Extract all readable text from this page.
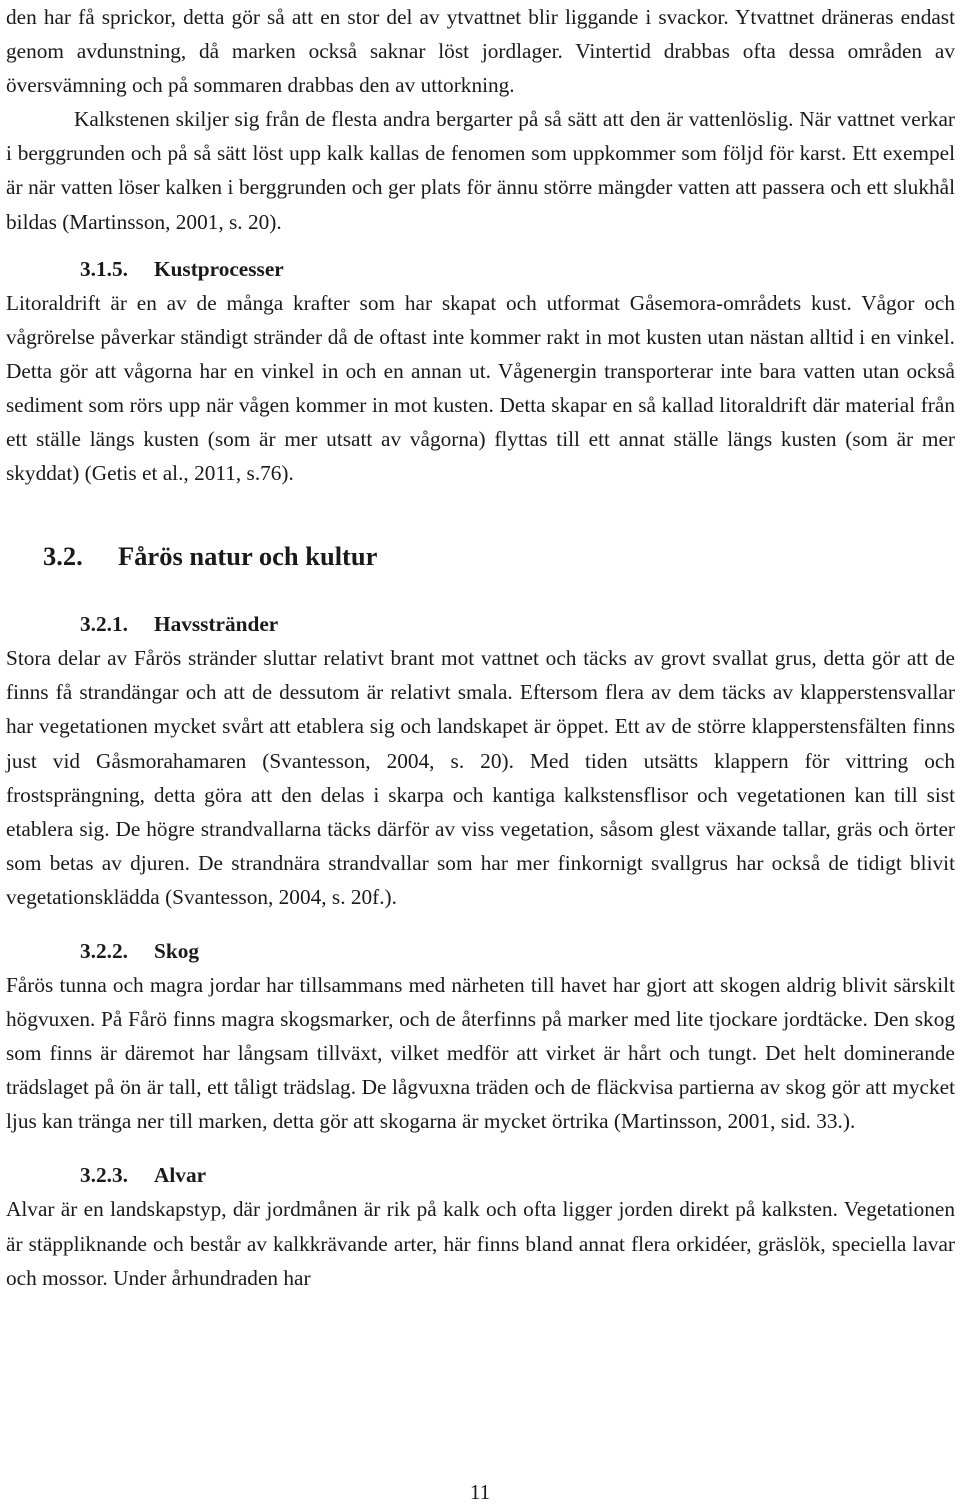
den har få sprickor, detta gör så att en stor del av ytvattnet blir liggande i svackor. Ytvattnet dräneras endast genom avdunstning, då marken också saknar löst jordlager. Vintertid drabbas ofta dessa områden av översvämning och på sommaren drabbas den av uttorkning.

Kalkstenen skiljer sig från de flesta andra bergarter på så sätt att den är vattenlöslig. När vattnet verkar i berggrunden och på så sätt löst upp kalk kallas de fenomen som uppkommer som följd för karst. Ett exempel är när vatten löser kalken i berggrunden och ger plats för ännu större mängder vatten att passera och ett slukhål bildas (Martinsson, 2001, s. 20).

3.1.5. Kustprocesser

Litoraldrift är en av de många krafter som har skapat och utformat Gåsemora-områdets kust. Vågor och vågrörelse påverkar ständigt stränder då de oftast inte kommer rakt in mot kusten utan nästan alltid i en vinkel. Detta gör att vågorna har en vinkel in och en annan ut. Vågenergin transporterar inte bara vatten utan också sediment som rörs upp när vågen kommer in mot kusten. Detta skapar en så kallad litoraldrift där material från ett ställe längs kusten (som är mer utsatt av vågorna) flyttas till ett annat ställe längs kusten (som är mer skyddat) (Getis et al., 2011, s.76).

3.2. Fårös natur och kultur
3.2.1. Havsstränder

Stora delar av Fårös stränder sluttar relativt brant mot vattnet och täcks av grovt svallat grus, detta gör att de finns få strandängar och att de dessutom är relativt smala. Eftersom flera av dem täcks av klapperstensvallar har vegetationen mycket svårt att etablera sig och landskapet är öppet. Ett av de större klapperstensfälten finns just vid Gåsmorahamaren (Svantesson, 2004, s. 20). Med tiden utsätts klappern för vittring och frostsprängning, detta göra att den delas i skarpa och kantiga kalkstensflisor och vegetationen kan till sist etablera sig. De högre strandvallarna täcks därför av viss vegetation, såsom glest växande tallar, gräs och örter som betas av djuren. De strandnära strandvallar som har mer finkornigt svallgrus har också de tidigt blivit vegetationsklädda (Svantesson, 2004, s. 20f.).

3.2.2. Skog

Fårös tunna och magra jordar har tillsammans med närheten till havet har gjort att skogen aldrig blivit särskilt högvuxen. På Fårö finns magra skogsmarker, och de återfinns på marker med lite tjockare jordtäcke. Den skog som finns är däremot har långsam tillväxt, vilket medför att virket är hårt och tungt. Det helt dominerande trädslaget på ön är tall, ett tåligt trädslag. De lågvuxna träden och de fläckvisa partierna av skog gör att mycket ljus kan tränga ner till marken, detta gör att skogarna är mycket örtrika (Martinsson, 2001, sid. 33.).

3.2.3. Alvar

Alvar är en landskapstyp, där jordmånen är rik på kalk och ofta ligger jorden direkt på kalksten. Vegetationen är stäppliknande och består av kalkkrävande arter, här finns bland annat flera orkidéer, gräslök, speciella lavar och mossor. Under århundraden har

11
